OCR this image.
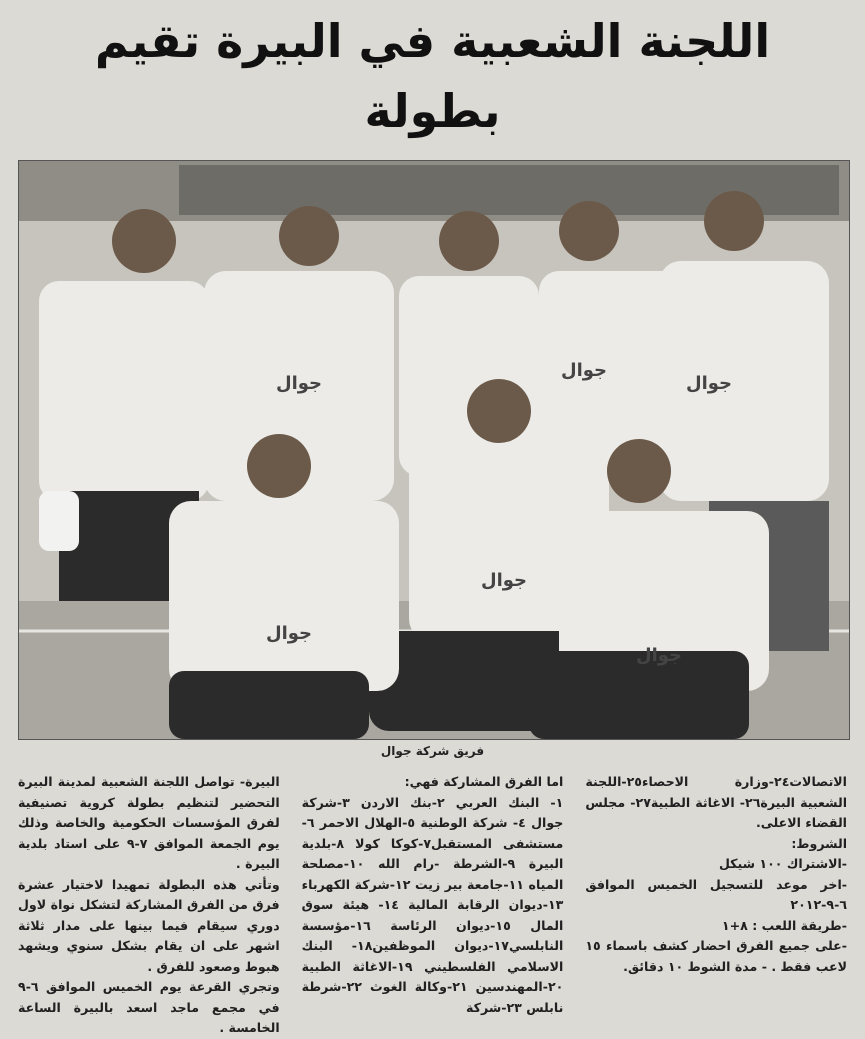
اللجنة الشعبية في البيرة تقيم بطولة
جوال
جوال
جوال
جوال
جوال
جوال
فريق شركة جوال

البيرة- تواصل اللجنة الشعبية لمدينة البيرة التحضير لتنظيم بطولة كروية تصنيفية لفرق المؤسسات الحكومية والخاصة وذلك يوم الجمعة الموافق ٧-٩ على استاد بلدية البيرة .

وتأتي هذه البطولة تمهيدا لاختيار عشرة فرق من الفرق المشاركة لتشكل نواة لاول دوري سيقام فيما بينها على مدار ثلاثة اشهر على ان يقام بشكل سنوي ويشهد هبوط وصعود للفرق .

وتجري القرعة يوم الخميس الموافق ٦-٩ في مجمع ماجد اسعد بالبيرة الساعة الخامسة .

اما الفرق المشاركة فهي:

١- البنك العربي ٢-بنك الاردن ٣-شركة جوال ٤- شركة الوطنية ٥-الهلال الاحمر ٦-مستشفى المستقبل٧-كوكا كولا ٨-بلدية البيرة ٩-الشرطة -رام الله ١٠-مصلحة المياه ١١-جامعة بير زيت ١٢-شركة الكهرباء ١٣-ديوان الرقابة المالية ١٤- هيئة سوق المال ١٥-ديوان الرئاسة ١٦-مؤسسة النابلسي١٧-ديوان الموظفين١٨- البنك الاسلامي الفلسطيني ١٩-الاغاثة الطبية ٢٠-المهندسين ٢١-وكالة الغوث ٢٢-شرطة نابلس ٢٣-شركة

الاتصالات٢٤-وزارة الاحصاء٢٥-اللجنة الشعبية البيرة٢٦- الاغاثة الطبية٢٧- مجلس القضاء الاعلى.

الشروط:

-الاشتراك ١٠٠ شيكل

-اخر موعد للتسجيل الخميس الموافق ٦-٩-٢٠١٢

-طريقة اللعب : ٨+١

-على جميع الفرق احضار كشف باسماء ١٥ لاعب فقط . - مدة الشوط ١٠ دقائق.
